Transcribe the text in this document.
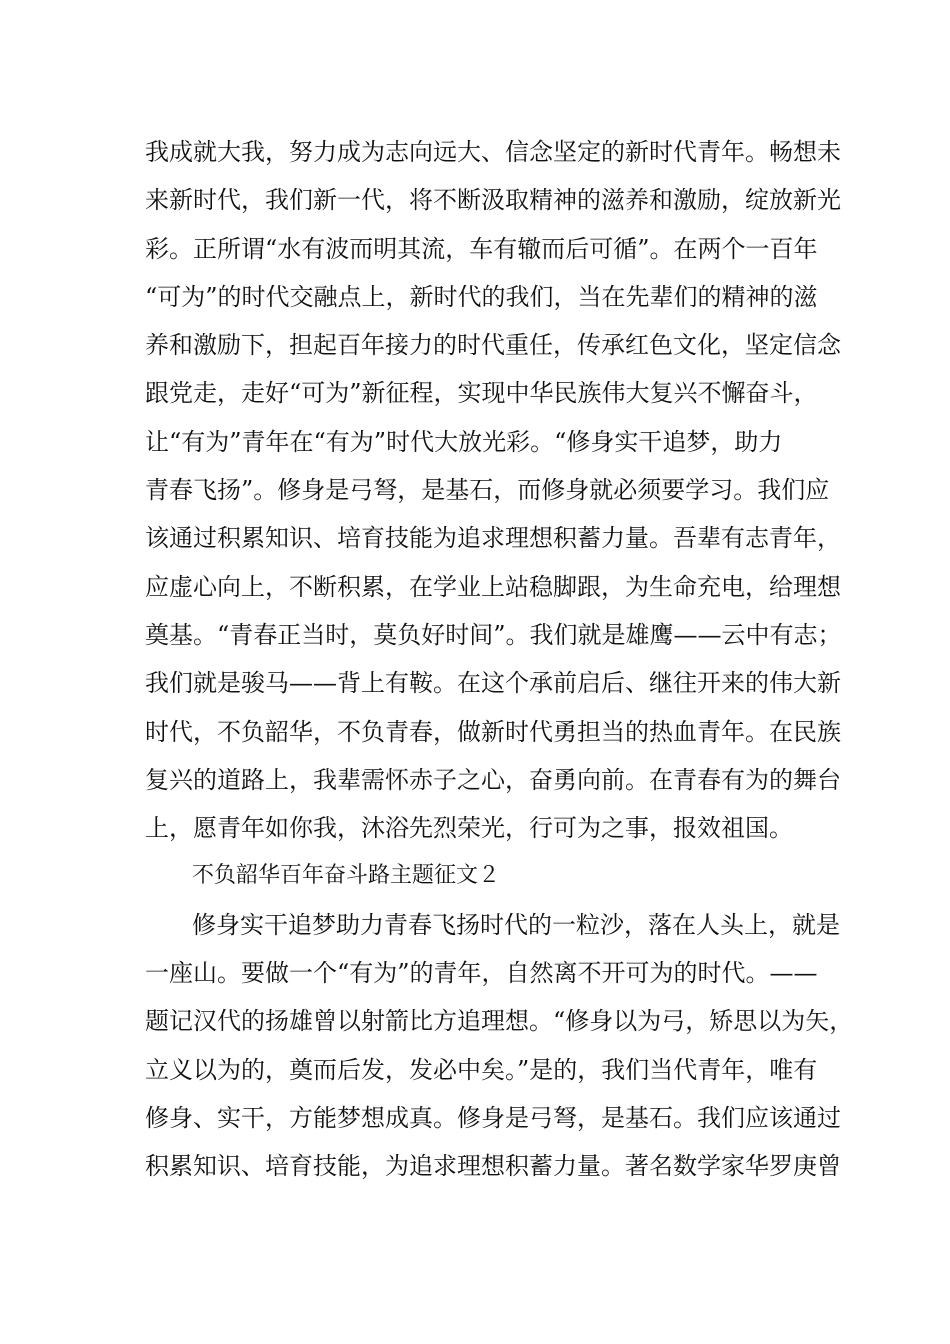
我成就大我，努力成为志向远大、信念坚定的新时代青年。畅想未
来新时代，我们新一代，将不断汲取精神的滋养和激励，绽放新光
彩。正所谓“水有波而明其流，车有辙而后可循”。在两个一百年
“可为”的时代交融点上，新时代的我们，当在先辈们的精神的滋
养和激励下，担起百年接力的时代重任，传承红色文化，坚定信念
跟党走，走好“可为”新征程，实现中华民族伟大复兴不懈奋斗，
让“有为”青年在“有为”时代大放光彩。“修身实干追梦，助力
青春飞扬”。修身是弓弩，是基石，而修身就必须要学习。我们应
该通过积累知识、培育技能为追求理想积蓄力量。吾辈有志青年，
应虚心向上，不断积累，在学业上站稳脚跟，为生命充电，给理想
奠基。“青春正当时，莫负好时间”。我们就是雄鹰——云中有志；
我们就是骏马——背上有鞍。在这个承前启后、继往开来的伟大新
时代，不负韶华，不负青春，做新时代勇担当的热血青年。在民族
复兴的道路上，我辈需怀赤子之心，奋勇向前。在青春有为的舞台
上，愿青年如你我，沐浴先烈荣光，行可为之事，报效祖国。
不负韶华百年奋斗路主题征文２
修身实干追梦助力青春飞扬时代的一粒沙，落在人头上，就是
一座山。要做一个“有为”的青年，自然离不开可为的时代。——
题记汉代的扬雄曾以射箭比方追理想。“修身以为弓，矫思以为矢，
立义以为的，奠而后发，发必中矣。”是的，我们当代青年，唯有
修身、实干，方能梦想成真。修身是弓弩，是基石。我们应该通过
积累知识、培育技能，为追求理想积蓄力量。著名数学家华罗庚曾
